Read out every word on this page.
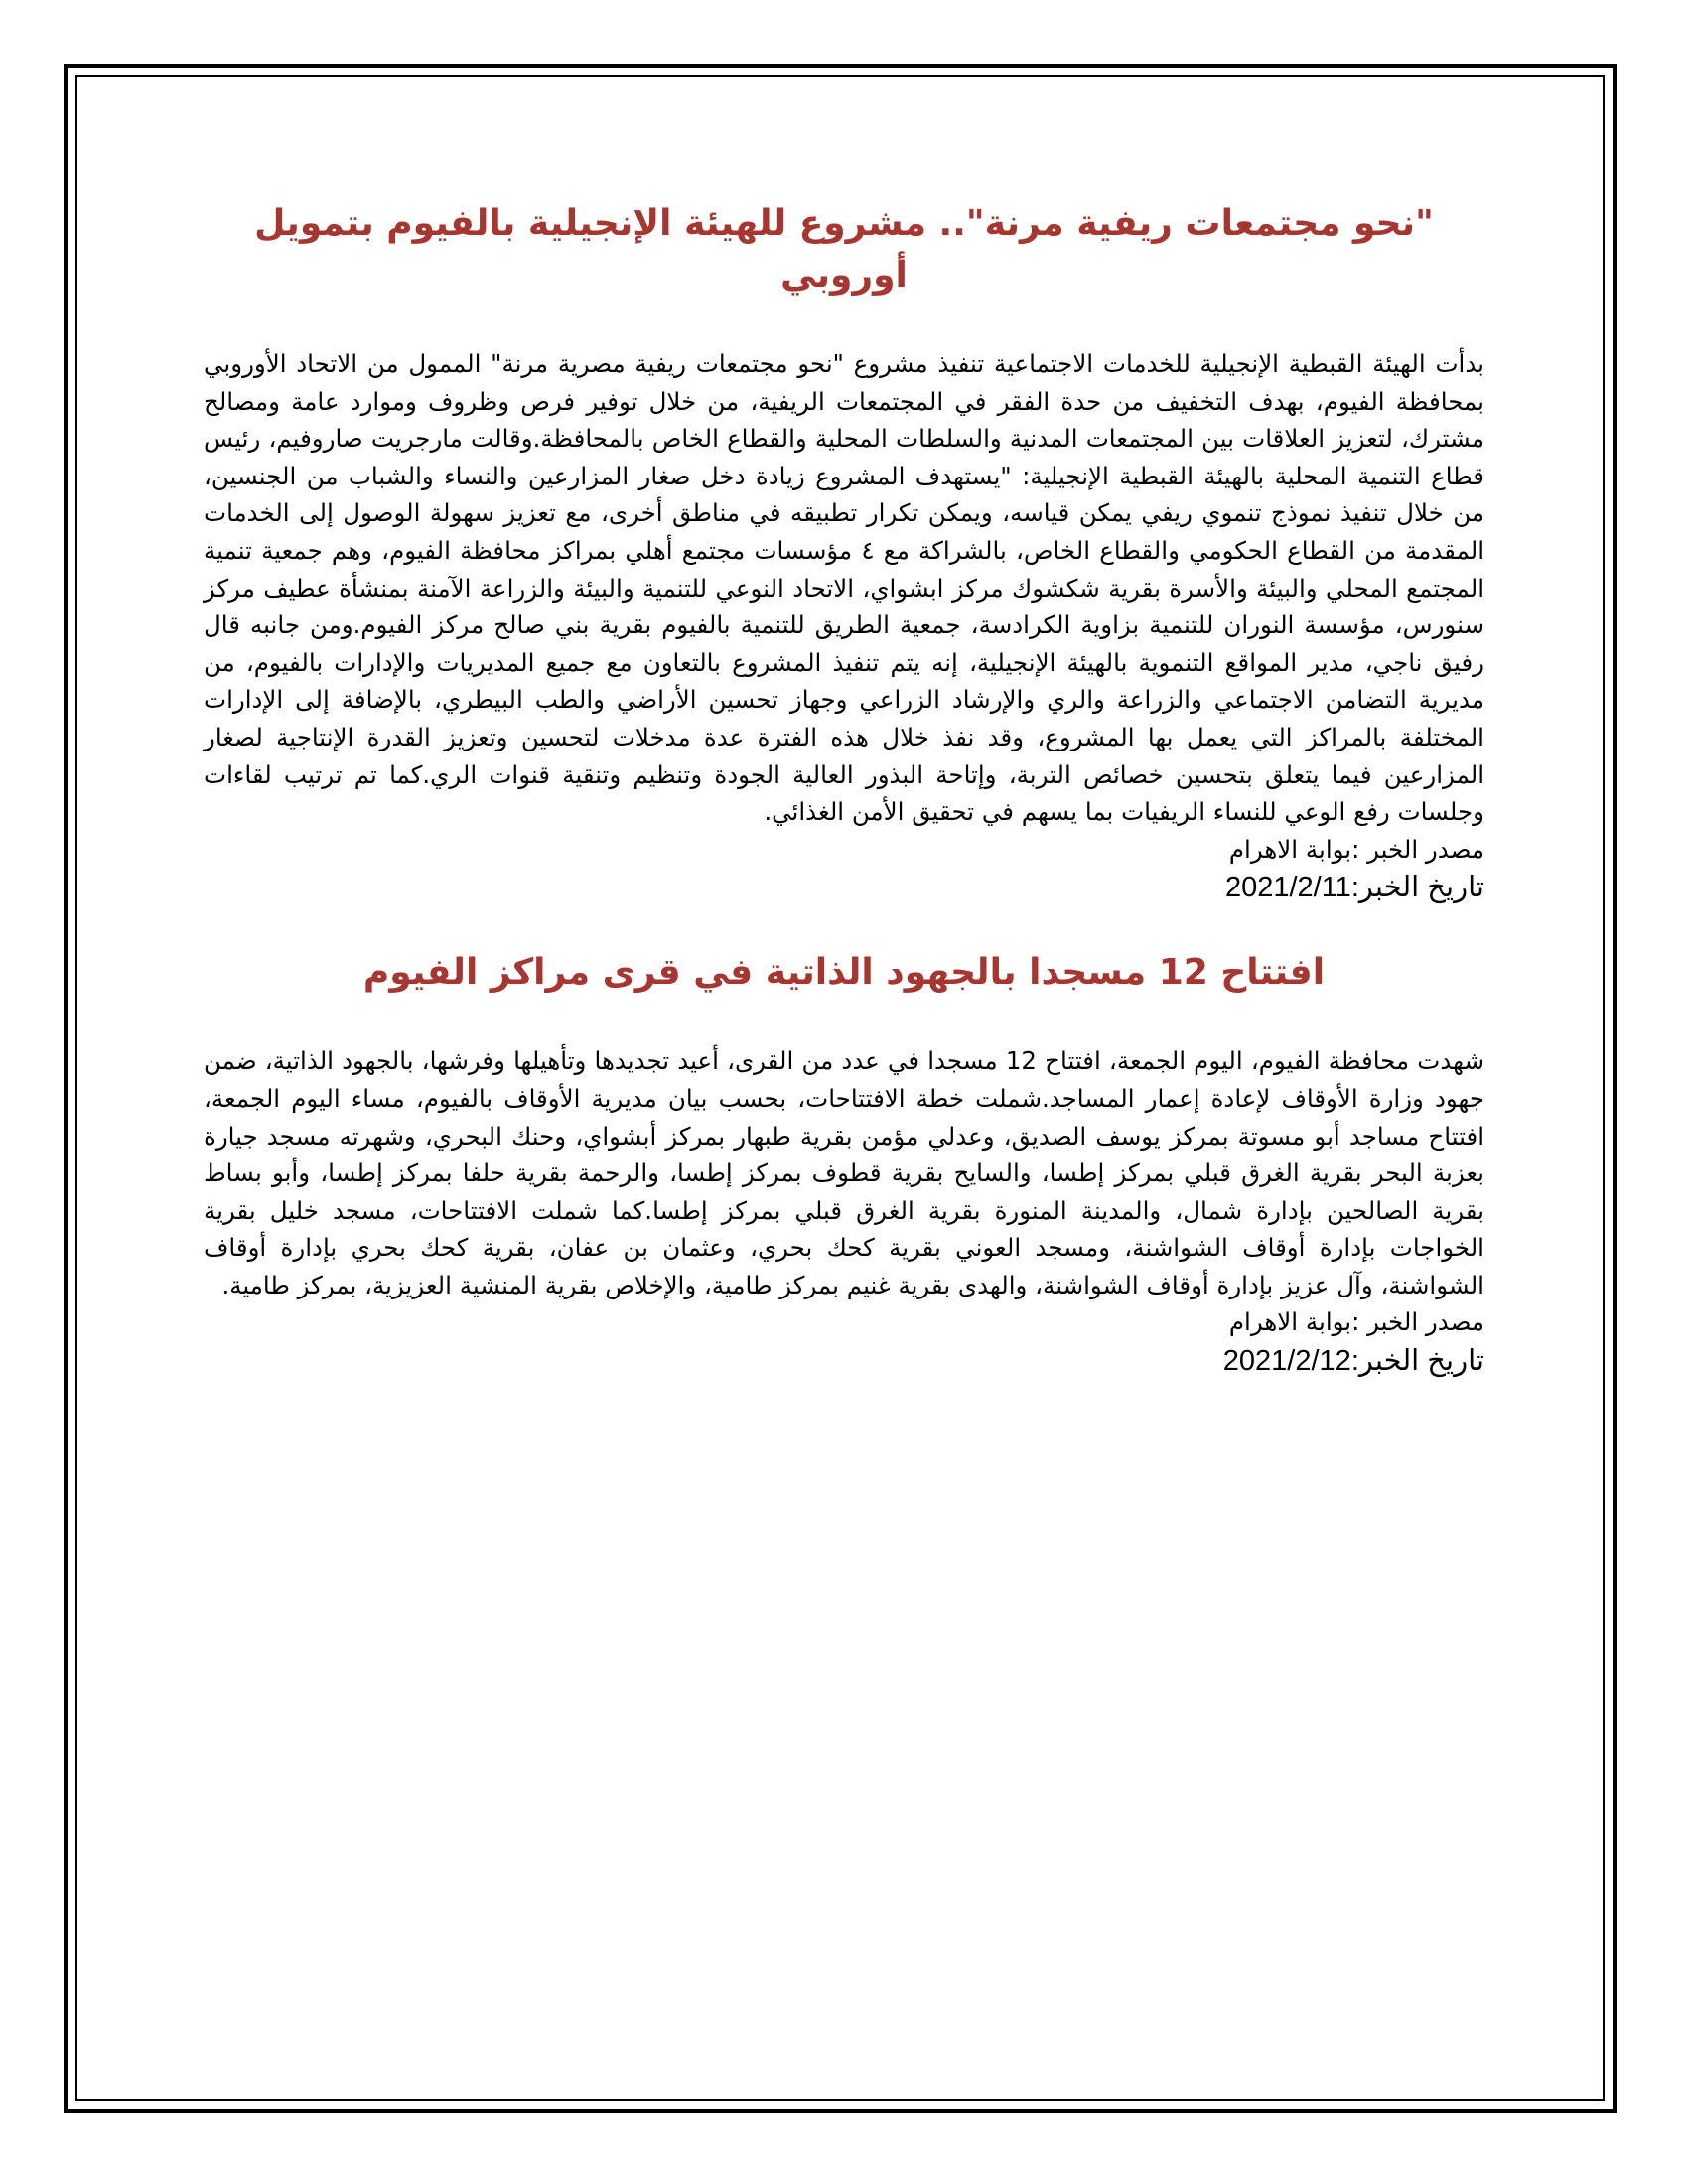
"نحو مجتمعات ريفية مرنة".. مشروع للهيئة الإنجيلية بالفيوم بتمويل أوروبي

بدأت الهيئة القبطية الإنجيلية للخدمات الاجتماعية تنفيذ مشروع "نحو مجتمعات ريفية مصرية مرنة" الممول من الاتحاد الأوروبي بمحافظة الفيوم، بهدف التخفيف من حدة الفقر في المجتمعات الريفية، من خلال توفير فرص وظروف وموارد عامة ومصالح مشترك، لتعزيز العلاقات بين المجتمعات المدنية والسلطات المحلية والقطاع الخاص بالمحافظة.وقالت مارجريت صاروفيم، رئيس قطاع التنمية المحلية بالهيئة القبطية الإنجيلية: "يستهدف المشروع زيادة دخل صغار المزارعين والنساء والشباب من الجنسين، من خلال تنفيذ نموذج تنموي ريفي يمكن قياسه، ويمكن تكرار تطبيقه في مناطق أخرى، مع تعزيز سهولة الوصول إلى الخدمات المقدمة من القطاع الحكومي والقطاع الخاص، بالشراكة مع ٤ مؤسسات مجتمع أهلي بمراكز محافظة الفيوم، وهم جمعية تنمية المجتمع المحلي والبيئة والأسرة بقرية شكشوك مركز ابشواي، الاتحاد النوعي للتنمية والبيئة والزراعة الآمنة بمنشأة عطيف مركز سنورس، مؤسسة النوران للتنمية بزاوية الكرادسة، جمعية الطريق للتنمية بالفيوم بقرية بني صالح مركز الفيوم.ومن جانبه قال رفيق ناجي، مدير المواقع التنموية بالهيئة الإنجيلية، إنه يتم تنفيذ المشروع بالتعاون مع جميع المديريات والإدارات بالفيوم، من مديرية التضامن الاجتماعي والزراعة والري والإرشاد الزراعي وجهاز تحسين الأراضي والطب البيطري، بالإضافة إلى الإدارات المختلفة بالمراكز التي يعمل بها المشروع، وقد نفذ خلال هذه الفترة عدة مدخلات لتحسين وتعزيز القدرة الإنتاجية لصغار المزارعين فيما يتعلق بتحسين خصائص التربة، وإتاحة البذور العالية الجودة وتنظيم وتنقية قنوات الري.كما تم ترتيب لقاءات وجلسات رفع الوعي للنساء الريفيات بما يسهم في تحقيق الأمن الغذائي.

مصدر الخبر :بوابة الاهرام

تاريخ الخبر:2021/2/11

افتتاح 12 مسجدا بالجهود الذاتية في قرى مراكز الفيوم

شهدت محافظة الفيوم، اليوم الجمعة، افتتاح 12 مسجدا في عدد من القرى، أعيد تجديدها وتأهيلها وفرشها، بالجهود الذاتية، ضمن جهود وزارة الأوقاف لإعادة إعمار المساجد.شملت خطة الافتتاحات، بحسب بيان مديرية الأوقاف بالفيوم، مساء اليوم الجمعة، افتتاح مساجد أبو مسوتة بمركز يوسف الصديق، وعدلي مؤمن بقرية طبهار بمركز أبشواي، وحنك البحري، وشهرته مسجد جيارة بعزبة البحر بقرية الغرق قبلي بمركز إطسا، والسايح بقرية قطوف بمركز إطسا، والرحمة بقرية حلفا بمركز إطسا، وأبو بساط بقرية الصالحين بإدارة شمال، والمدينة المنورة بقرية الغرق قبلي بمركز إطسا.كما شملت الافتتاحات، مسجد خليل بقرية الخواجات بإدارة أوقاف الشواشنة، ومسجد العوني بقرية كحك بحري، وعثمان بن عفان، بقرية كحك بحري بإدارة أوقاف الشواشنة، وآل عزيز بإدارة أوقاف الشواشنة، والهدى بقرية غنيم بمركز طامية، والإخلاص بقرية المنشية العزيزية، بمركز طامية.

مصدر الخبر :بوابة الاهرام

تاريخ الخبر:2021/2/12
